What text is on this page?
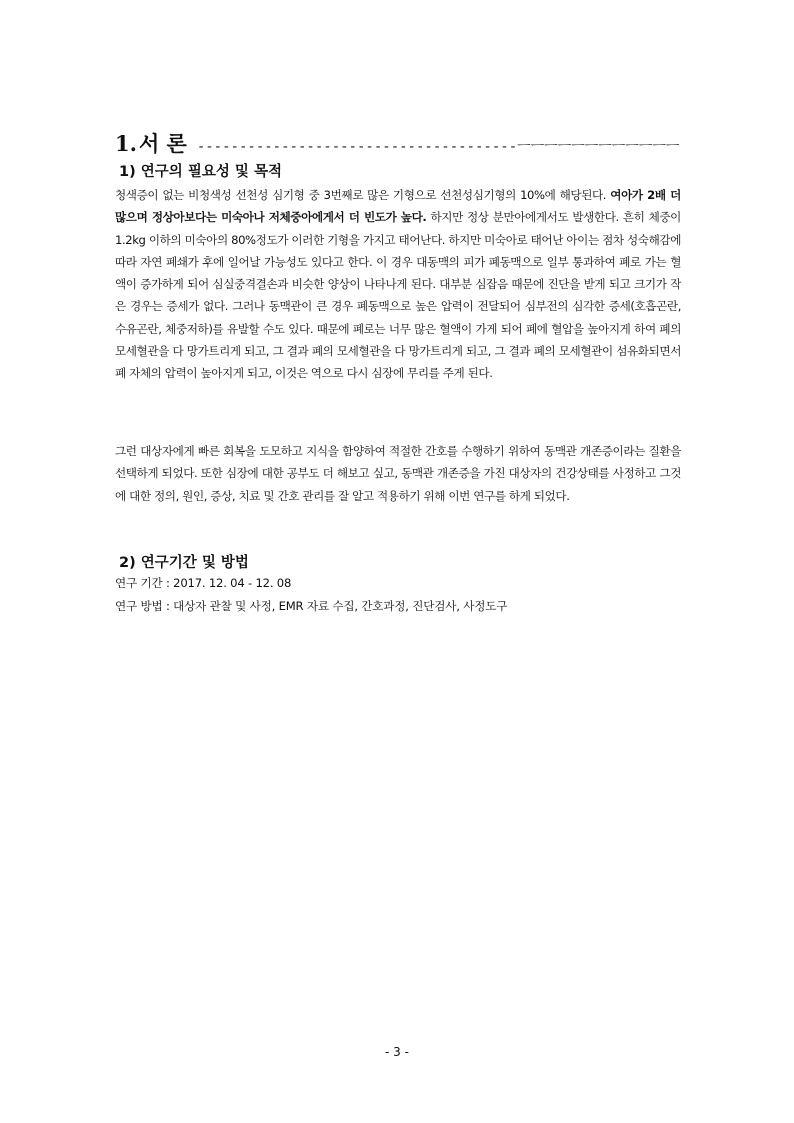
1. 서 론 --------------------------------------ㅡㅡㅡㅡㅡㅡㅡㅡㅡㅡㅡㅡ
1) 연구의 필요성 및 목적
청색증이 없는 비청색성 선천성 심기형 중 3번째로 많은 기형으로 선천성심기형의 10%에 해당된다. 여아가 2배 더 많으며 정상아보다는 미숙아나 저체중아에게서 더 빈도가 높다. 하지만 정상 분만아에게서도 발생한다. 흔히 체중이 1.2kg 이하의 미숙아의 80%정도가 이러한 기형을 가지고 태어난다. 하지만 미숙아로 태어난 아이는 점차 성숙해감에 따라 자연 폐쇄가 후에 일어날 가능성도 있다고 한다. 이 경우 대동맥의 피가 폐동맥으로 일부 통과하여 폐로 가는 혈액이 증가하게 되어 심실중격결손과 비슷한 양상이 나타나게 된다. 대부분 심잡음 때문에 진단을 받게 되고 크기가 작은 경우는 증세가 없다. 그러나 동맥관이 큰 경우 폐동맥으로 높은 압력이 전달되어 심부전의 심각한 증세(호흡곤란, 수유곤란, 체중저하)를 유발할 수도 있다. 때문에 폐로는 너무 많은 혈액이 가게 되어 폐에 혈압을 높아지게 하여 폐의 모세혈관을 다 망가트리게 되고, 그 결과 폐의 모세혈관을 다 망가트리게 되고, 그 결과 폐의 모세혈관이 섬유화되면서 폐 자체의 압력이 높아지게 되고, 이것은 역으로 다시 심장에 무리를 주게 된다.
그런 대상자에게 빠른 회복을 도모하고 지식을 함양하여 적절한 간호를 수행하기 위하여 동맥관 개존증이라는 질환을 선택하게 되었다. 또한 심장에 대한 공부도 더 해보고 싶고, 동맥관 개존증을 가진 대상자의 건강상태를 사정하고 그것에 대한 정의, 원인, 증상, 치료 및 간호 관리를 잘 알고 적용하기 위해 이번 연구를 하게 되었다.
2) 연구기간 및 방법
연구 기간 : 2017. 12. 04 - 12. 08
연구 방법 : 대상자 관찰 및 사정, EMR 자료 수집, 간호과정, 진단검사, 사정도구
- 3 -
